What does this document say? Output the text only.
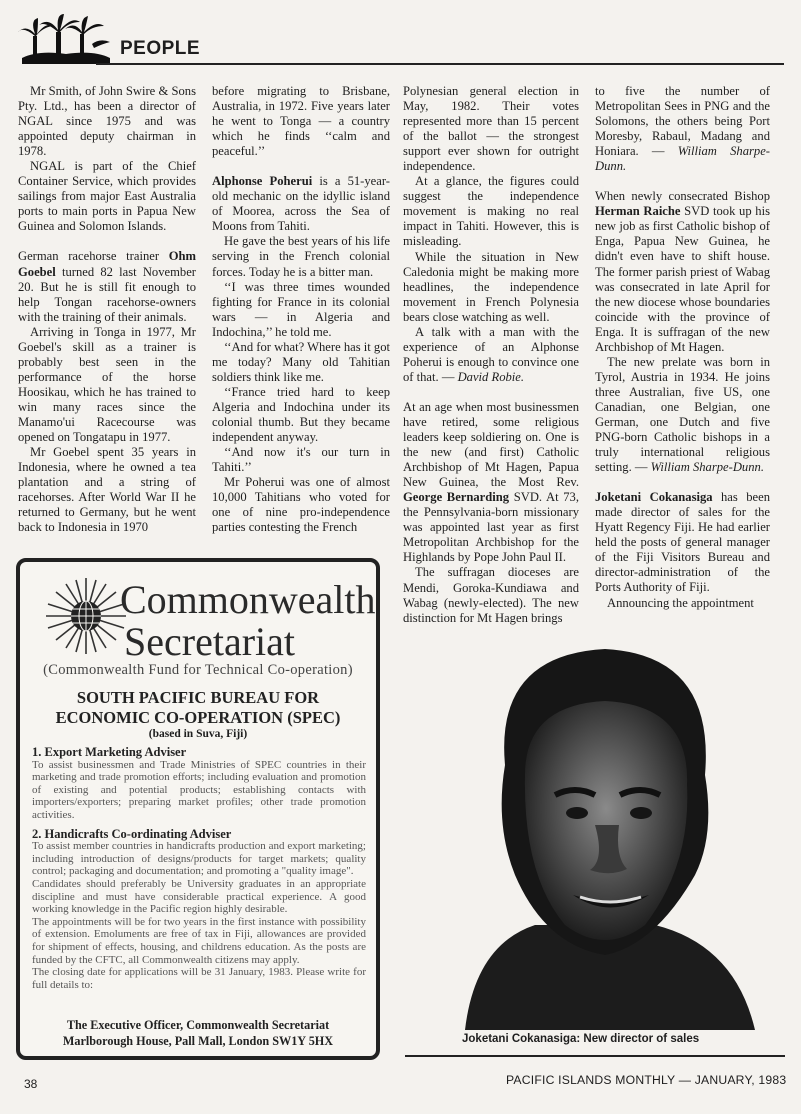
PEOPLE

Mr Smith, of John Swire & Sons Pty. Ltd., has been a director of NGAL since 1975 and was appointed deputy chairman in 1978.

NGAL is part of the Chief Container Service, which provides sailings from major East Australia ports to main ports in Papua New Guinea and Solomon Islands.

German racehorse trainer Ohm Goebel turned 82 last November 20. But he is still fit enough to help Tongan racehorse-owners with the training of their animals.

Arriving in Tonga in 1977, Mr Goebel's skill as a trainer is probably best seen in the performance of the horse Hoosikau, which he has trained to win many races since the Manamo'ui Racecourse was opened on Tongatapu in 1977.

Mr Goebel spent 35 years in Indonesia, where he owned a tea plantation and a string of racehorses. After World War II he returned to Germany, but he went back to Indonesia in 1970

before migrating to Brisbane, Australia, in 1972. Five years later he went to Tonga — a country which he finds ‘‘calm and peaceful.’’

Alphonse Poherui is a 51-year-old mechanic on the idyllic island of Moorea, across the Sea of Moons from Tahiti.

He gave the best years of his life serving in the French colonial forces. Today he is a bitter man.

‘‘I was three times wounded fighting for France in its colonial wars — in Algeria and Indochina,’’ he told me.

‘‘And for what? Where has it got me today? Many old Tahitian soldiers think like me.

‘‘France tried hard to keep Algeria and Indochina under its colonial thumb. But they became independent anyway.

‘‘And now it's our turn in Tahiti.’’

Mr Poherui was one of almost 10,000 Tahitians who voted for one of nine pro-independence parties contesting the French

Polynesian general election in May, 1982. Their votes represented more than 15 percent of the ballot — the strongest support ever shown for outright independence.

At a glance, the figures could suggest the independence movement is making no real impact in Tahiti. However, this is misleading.

While the situation in New Caledonia might be making more headlines, the independence movement in French Polynesia bears close watching as well.

A talk with a man with the experience of an Alphonse Poherui is enough to convince one of that. — David Robie.

At an age when most businessmen have retired, some religious leaders keep soldiering on. One is the new (and first) Catholic Archbishop of Mt Hagen, Papua New Guinea, the Most Rev. George Bernarding SVD. At 73, the Pennsylvania-born missionary was appointed last year as first Metropolitan Archbishop for the Highlands by Pope John Paul II.

The suffragan dioceses are Mendi, Goroka-Kundiawa and Wabag (newly-elected). The new distinction for Mt Hagen brings

to five the number of Metropolitan Sees in PNG and the Solomons, the others being Port Moresby, Rabaul, Madang and Honiara. — William Sharpe-Dunn.

When newly consecrated Bishop Herman Raiche SVD took up his new job as first Catholic bishop of Enga, Papua New Guinea, he didn't even have to shift house. The former parish priest of Wabag was consecrated in late April for the new diocese whose boundaries coincide with the province of Enga. It is suffragan of the new Archbishop of Mt Hagen.

The new prelate was born in Tyrol, Austria in 1934. He joins three Australian, five US, one Canadian, one Belgian, one German, one Dutch and five PNG-born Catholic bishops in a truly international religious setting. — William Sharpe-Dunn.

Joketani Cokanasiga has been made director of sales for the Hyatt Regency Fiji. He had earlier held the posts of general manager of the Fiji Visitors Bureau and director-administration of the Ports Authority of Fiji.

Announcing the appointment

Commonwealth
Secretariat
(Commonwealth Fund for Technical Co-operation)
SOUTH PACIFIC BUREAU FOR
ECONOMIC CO-OPERATION (SPEC)
(based in Suva, Fiji)
1. Export Marketing Adviser

To assist businessmen and Trade Ministries of SPEC countries in their marketing and trade promotion efforts; including evaluation and promotion of existing and potential products; establishing contacts with importers/exporters; preparing market profiles; other trade promotion activities.

2. Handicrafts Co-ordinating Adviser

To assist member countries in handicrafts production and export marketing; including introduction of designs/products for target markets; quality control; packaging and documentation; and promoting a "quality image".

Candidates should preferably be University graduates in an appropriate discipline and must have considerable practical experience. A good working knowledge in the Pacific region highly desirable.

The appointments will be for two years in the first instance with possibility of extension. Emoluments are free of tax in Fiji, allowances are provided for shipment of effects, housing, and childrens education. As the posts are funded by the CFTC, all Commonwealth citizens may apply.

The closing date for applications will be 31 January, 1983. Please write for full details to:

The Executive Officer, Commonwealth Secretariat
Marlborough House, Pall Mall, London SW1Y 5HX	Joketani Cokanasiga: New director of sales
38	PACIFIC ISLANDS MONTHLY — JANUARY, 1983
